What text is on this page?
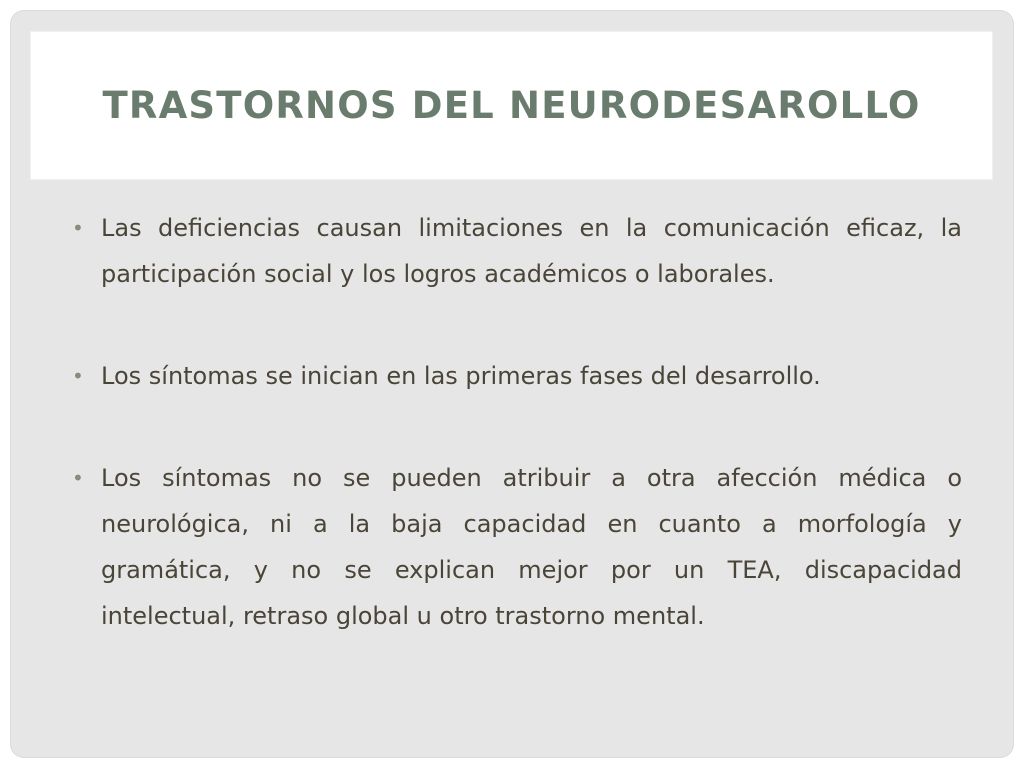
TRASTORNOS DEL NEURODESAROLLO
• Las deficiencias causan limitaciones en la comunicación eficaz, la participación social y los logros académicos o laborales.
• Los síntomas se inician en las primeras fases del desarrollo.
• Los síntomas no se pueden atribuir a otra afección médica o neurológica, ni a la baja capacidad en cuanto a morfología y gramática, y no se explican mejor por un TEA, discapacidad intelectual, retraso global u otro trastorno mental.
